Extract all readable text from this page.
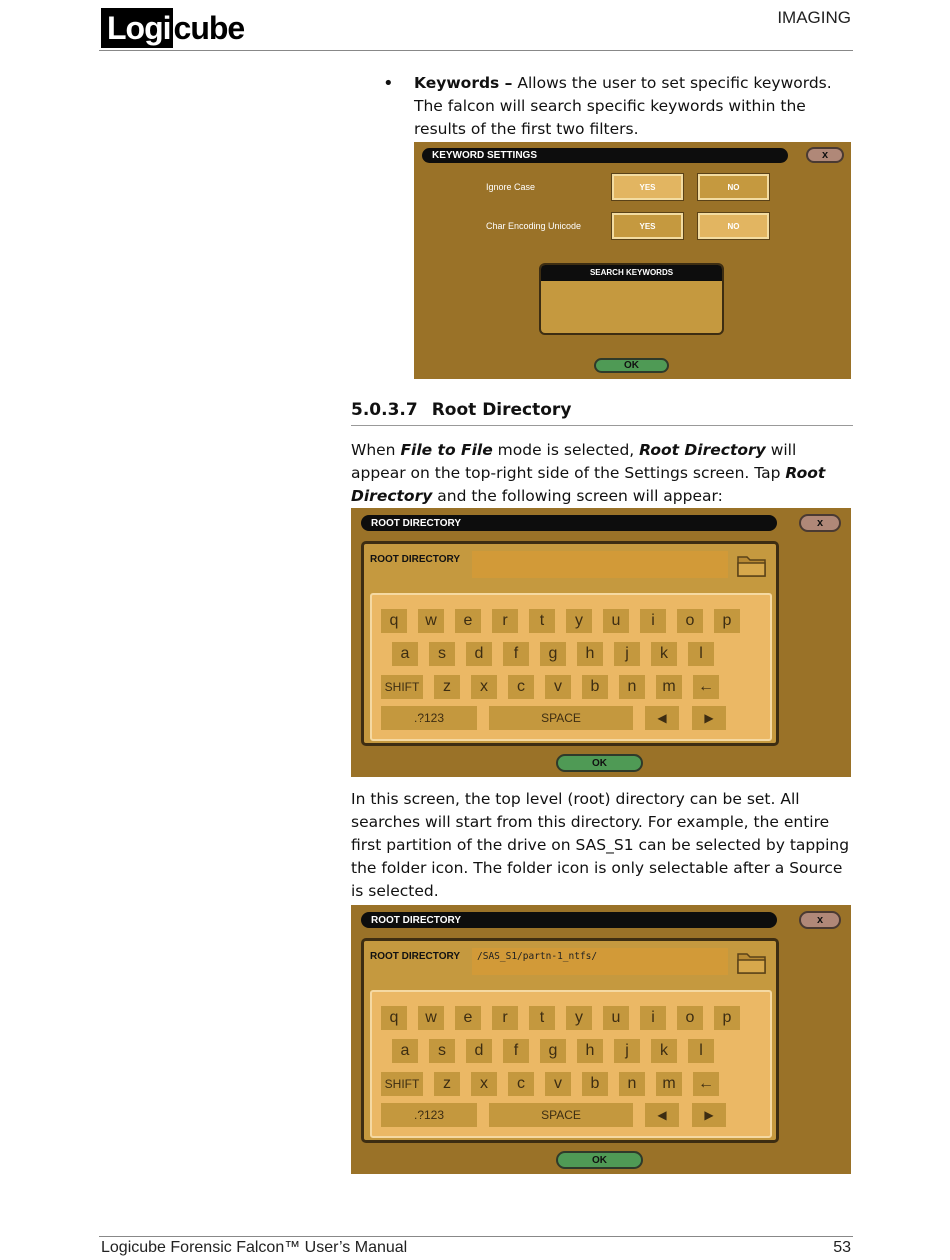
Logi cube	IMAGING
•	Keywords – Allows the user to set specific keywords. The falcon will search specific keywords within the results of the first two filters.
KEYWORD SETTINGS	x
Ignore Case	YES	NO
Char Encoding Unicode	YES	NO
SEARCH KEYWORDS
OK
5.0.3.7 Root Directory
When File to File mode is selected, Root Directory will appear on the top-right side of the Settings screen. Tap Root Directory and the following screen will appear:
ROOT DIRECTORY	x
ROOT DIRECTORY
q	w	e	r	t	y	u	i	o	p
a	s	d	f	g	h	j	k	l
SHIFT	z	x	c	v	b	n	m	←
.?123	SPACE	◀	▶
OK
In this screen, the top level (root) directory can be set. All searches will start from this directory. For example, the entire first partition of the drive on SAS_S1 can be selected by tapping the folder icon. The folder icon is only selectable after a Source is selected.
ROOT DIRECTORY	x
ROOT DIRECTORY	/SAS_S1/partn-1_ntfs/
q	w	e	r	t	y	u	i	o	p
a	s	d	f	g	h	j	k	l
SHIFT	z	x	c	v	b	n	m	←
.?123	SPACE	◀	▶
OK
Logicube Forensic Falcon™ User’s Manual	53
